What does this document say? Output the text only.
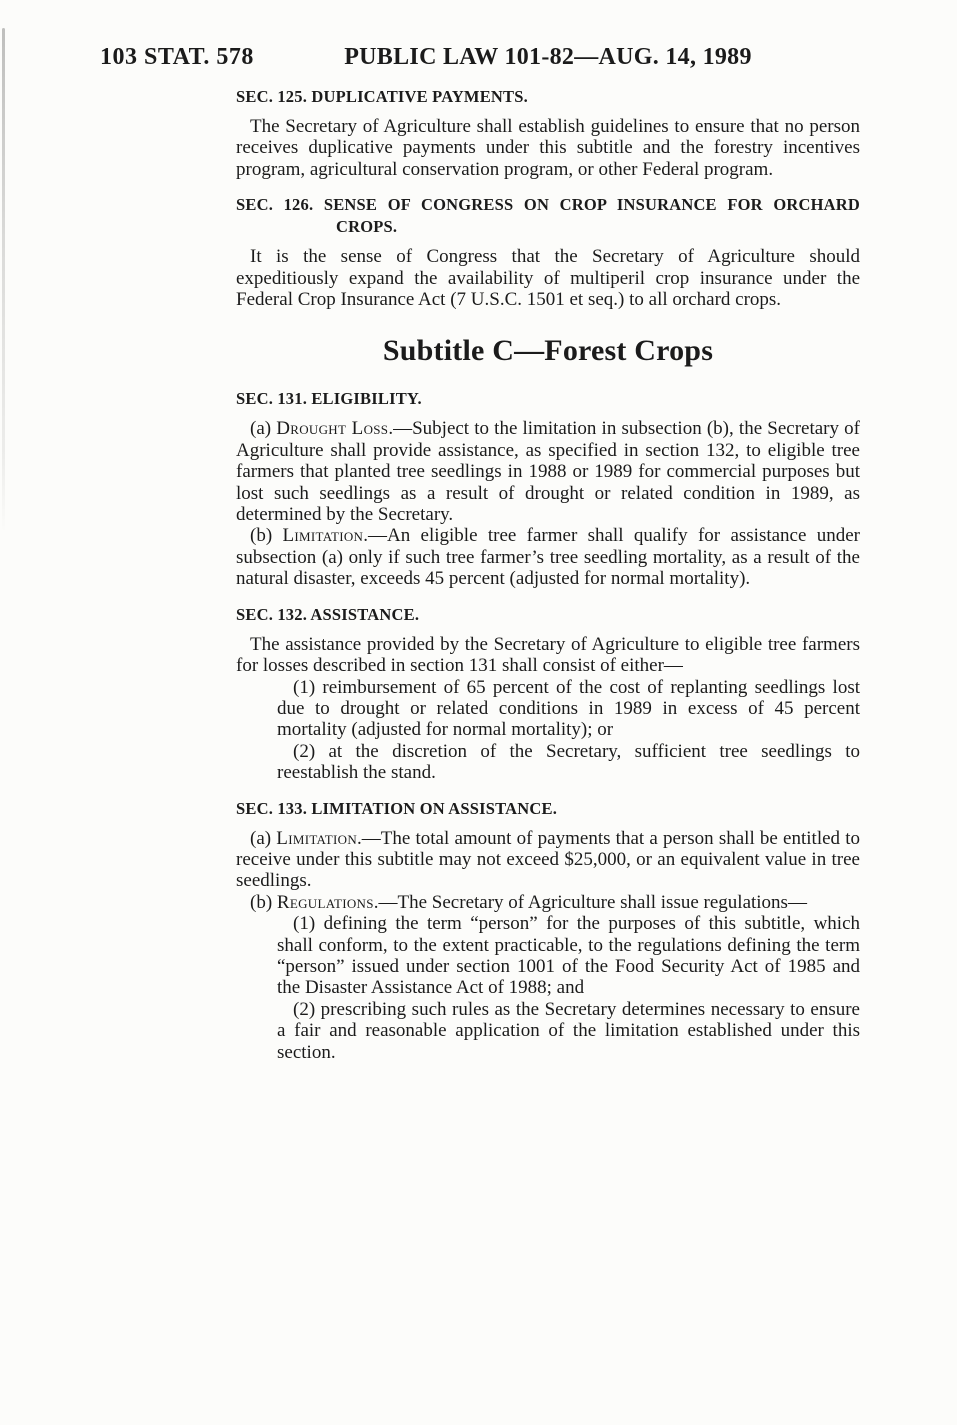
103 STAT. 578	PUBLIC LAW 101-82—AUG. 14, 1989
SEC. 125. DUPLICATIVE PAYMENTS.

The Secretary of Agriculture shall establish guidelines to ensure that no person receives duplicative payments under this subtitle and the forestry incentives program, agricultural conservation program, or other Federal program.

SEC. 126. SENSE OF CONGRESS ON CROP INSURANCE FOR ORCHARD
CROPS.

It is the sense of Congress that the Secretary of Agriculture should expeditiously expand the availability of multiperil crop insurance under the Federal Crop Insurance Act (7 U.S.C. 1501 et seq.) to all orchard crops.

Subtitle C—Forest Crops
SEC. 131. ELIGIBILITY.

(a) Drought Loss.—Subject to the limitation in subsection (b), the Secretary of Agriculture shall provide assistance, as specified in section 132, to eligible tree farmers that planted tree seedlings in 1988 or 1989 for commercial purposes but lost such seedlings as a result of drought or related condition in 1989, as determined by the Secretary.

(b) Limitation.—An eligible tree farmer shall qualify for assistance under subsection (a) only if such tree farmer’s tree seedling mortality, as a result of the natural disaster, exceeds 45 percent (adjusted for normal mortality).

SEC. 132. ASSISTANCE.

The assistance provided by the Secretary of Agriculture to eligible tree farmers for losses described in section 131 shall consist of either—

(1) reimbursement of 65 percent of the cost of replanting seedlings lost due to drought or related conditions in 1989 in excess of 45 percent mortality (adjusted for normal mortality); or

(2) at the discretion of the Secretary, sufficient tree seedlings to reestablish the stand.

SEC. 133. LIMITATION ON ASSISTANCE.

(a) Limitation.—The total amount of payments that a person shall be entitled to receive under this subtitle may not exceed $25,000, or an equivalent value in tree seedlings.

(b) Regulations.—The Secretary of Agriculture shall issue regulations—

(1) defining the term “person” for the purposes of this subtitle, which shall conform, to the extent practicable, to the regulations defining the term “person” issued under section 1001 of the Food Security Act of 1985 and the Disaster Assistance Act of 1988; and

(2) prescribing such rules as the Secretary determines necessary to ensure a fair and reasonable application of the limitation established under this section.
